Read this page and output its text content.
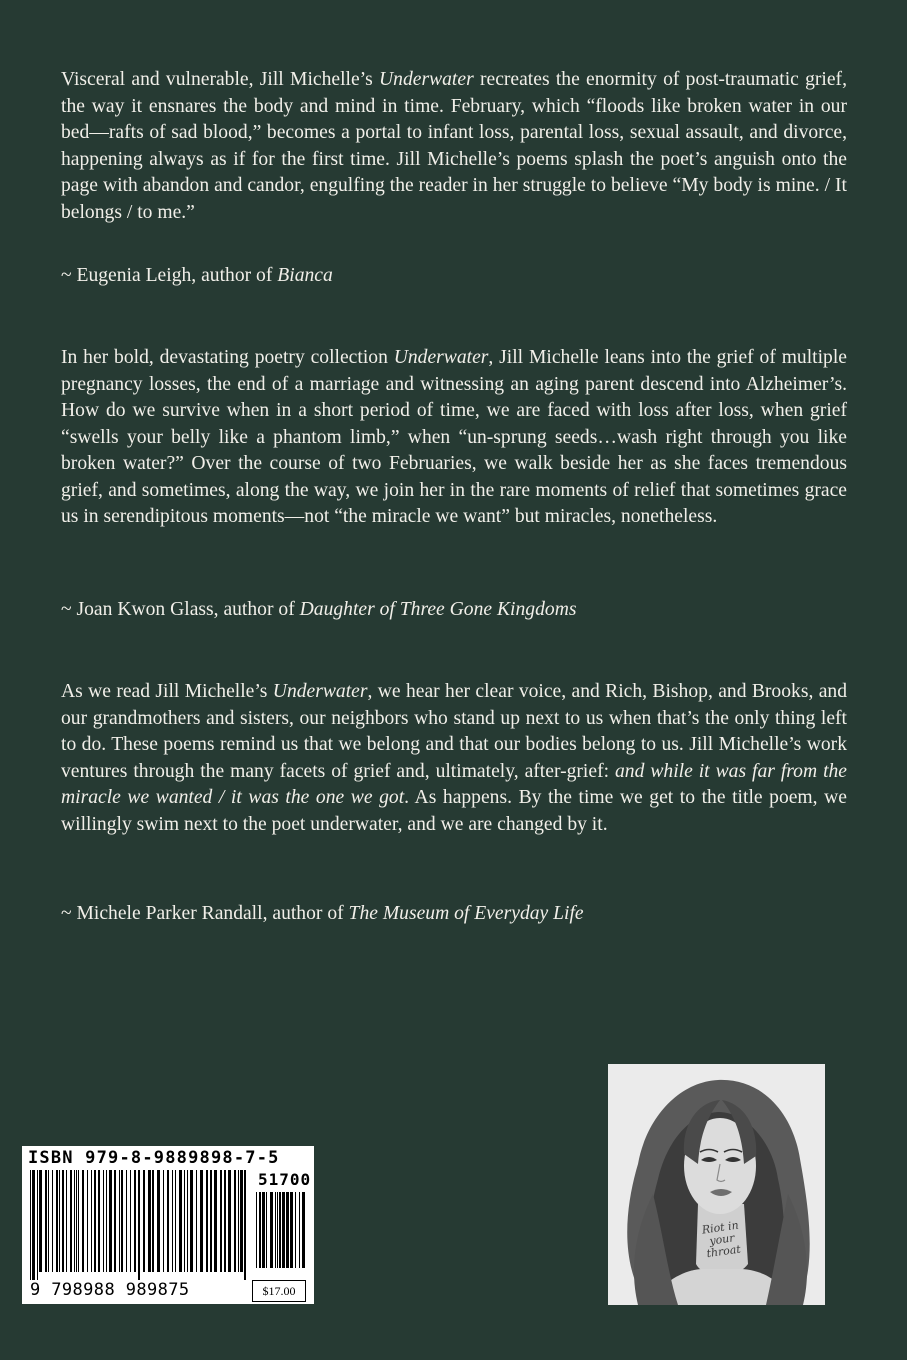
Visceral and vulnerable, Jill Michelle’s Underwater recreates the enormity of post-traumatic grief, the way it ensnares the body and mind in time. February, which “floods like broken water in our bed—rafts of sad blood,” becomes a portal to infant loss, parental loss, sexual assault, and divorce, happening always as if for the first time. Jill Michelle’s poems splash the poet’s anguish onto the page with abandon and candor, engulfing the reader in her struggle to believe “My body is mine. / It belongs / to me.”

~ Eugenia Leigh, author of Bianca

In her bold, devastating poetry collection Underwater, Jill Michelle leans into the grief of multiple pregnancy losses, the end of a marriage and witnessing an aging parent descend into Alzheimer’s. How do we survive when in a short period of time, we are faced with loss after loss, when grief “swells your belly like a phantom limb,” when “un-sprung seeds…wash right through you like broken water?” Over the course of two Februaries, we walk beside her as she faces tremendous grief, and sometimes, along the way, we join her in the rare moments of relief that sometimes grace us in serendipitous moments—not “the miracle we want” but miracles, nonetheless.

~ Joan Kwon Glass, author of Daughter of Three Gone Kingdoms

As we read Jill Michelle’s Underwater, we hear her clear voice, and Rich, Bishop, and Brooks, and our grandmothers and sisters, our neighbors who stand up next to us when that’s the only thing left to do. These poems remind us that we belong and that our bodies belong to us. Jill Michelle’s work ventures through the many facets of grief and, ultimately, after-grief: and while it was far from the miracle we wanted / it was the one we got. As happens. By the time we get to the title poem, we willingly swim next to the poet underwater, and we are changed by it.

~ Michele Parker Randall, author of The Museum of Everyday Life

ISBN 979-8-9889898-7-5
51700
9 798988 989875	$17.00
Riot in your throat
